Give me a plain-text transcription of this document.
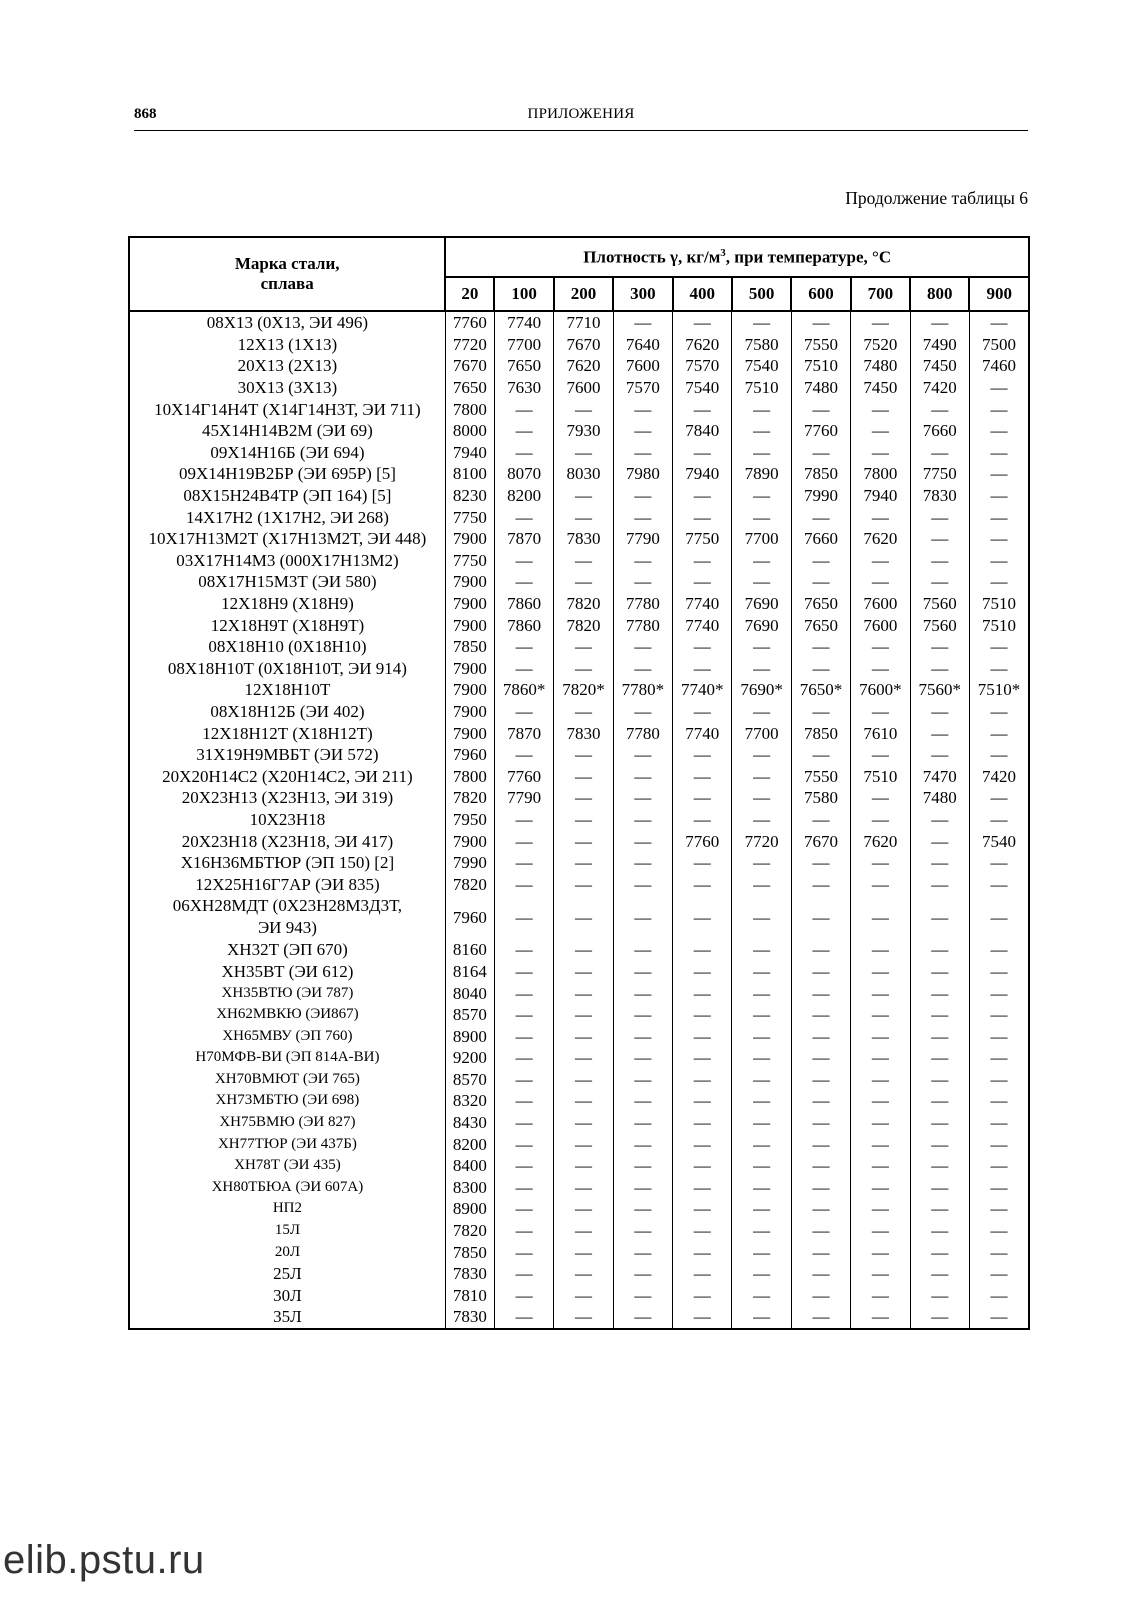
868	ПРИЛОЖЕНИЯ
Продолжение таблицы 6
Марка стали,
сплава	Плотность γ, $кг/м^3$, при температуре, °С									
	20	100	200	300	400	500	600	700	800	900
08Х13 (0Х13, ЭИ 496)	7760	7740	7710	—	—	—	—	—	—	—
12Х13 (1Х13)	7720	7700	7670	7640	7620	7580	7550	7520	7490	7500
20Х13 (2Х13)	7670	7650	7620	7600	7570	7540	7510	7480	7450	7460
30Х13 (3Х13)	7650	7630	7600	7570	7540	7510	7480	7450	7420	—
10Х14Г14Н4Т (Х14Г14Н3Т, ЭИ 711)	7800	—	—	—	—	—	—	—	—	—
45Х14Н14В2М (ЭИ 69)	8000	—	7930	—	7840	—	7760	—	7660	—
09Х14Н16Б (ЭИ 694)	7940	—	—	—	—	—	—	—	—	—
09Х14Н19В2БР (ЭИ 695Р) [5]	8100	8070	8030	7980	7940	7890	7850	7800	7750	—
08Х15Н24В4ТР (ЭП 164) [5]	8230	8200	—	—	—	—	7990	7940	7830	—
14Х17Н2 (1Х17Н2, ЭИ 268)	7750	—	—	—	—	—	—	—	—	—
10Х17Н13М2Т (Х17Н13М2Т, ЭИ 448)	7900	7870	7830	7790	7750	7700	7660	7620	—	—
03Х17Н14М3 (000Х17Н13М2)	7750	—	—	—	—	—	—	—	—	—
08Х17Н15М3Т (ЭИ 580)	7900	—	—	—	—	—	—	—	—	—
12Х18Н9 (Х18Н9)	7900	7860	7820	7780	7740	7690	7650	7600	7560	7510
12Х18Н9Т (Х18Н9Т)	7900	7860	7820	7780	7740	7690	7650	7600	7560	7510
08Х18Н10 (0Х18Н10)	7850	—	—	—	—	—	—	—	—	—
08Х18Н10Т (0Х18Н10Т, ЭИ 914)	7900	—	—	—	—	—	—	—	—	—
12Х18Н10Т	7900	7860*	7820*	7780*	7740*	7690*	7650*	7600*	7560*	7510*
08Х18Н12Б (ЭИ 402)	7900	—	—	—	—	—	—	—	—	—
12Х18Н12Т (Х18Н12Т)	7900	7870	7830	7780	7740	7700	7850	7610	—	—
31Х19Н9МВБТ (ЭИ 572)	7960	—	—	—	—	—	—	—	—	—
20Х20Н14С2 (Х20Н14С2, ЭИ 211)	7800	7760	—	—	—	—	7550	7510	7470	7420
20Х23Н13 (Х23Н13, ЭИ 319)	7820	7790	—	—	—	—	7580	—	7480	—
10Х23Н18	7950	—	—	—	—	—	—	—	—	—
20Х23Н18 (Х23Н18, ЭИ 417)	7900	—	—	—	7760	7720	7670	7620	—	7540
Х16Н36МБТЮР (ЭП 150) [2]	7990	—	—	—	—	—	—	—	—	—
12Х25Н16Г7АР (ЭИ 835)	7820	—	—	—	—	—	—	—	—	—
06ХН28МДТ (0Х23Н28М3Д3Т,
ЭИ 943)	7960	—	—	—	—	—	—	—	—	—
ХН32Т (ЭП 670)	8160	—	—	—	—	—	—	—	—	—
ХН35ВТ (ЭИ 612)	8164	—	—	—	—	—	—	—	—	—
ХН35ВТЮ (ЭИ 787)	8040	—	—	—	—	—	—	—	—	—
ХН62МВКЮ (ЭИ867)	8570	—	—	—	—	—	—	—	—	—
ХН65МВУ (ЭП 760)	8900	—	—	—	—	—	—	—	—	—
Н70МФВ-ВИ (ЭП 814А-ВИ)	9200	—	—	—	—	—	—	—	—	—
ХН70ВМЮТ (ЭИ 765)	8570	—	—	—	—	—	—	—	—	—
ХН73МБТЮ (ЭИ 698)	8320	—	—	—	—	—	—	—	—	—
ХН75ВМЮ (ЭИ 827)	8430	—	—	—	—	—	—	—	—	—
ХН77ТЮР (ЭИ 437Б)	8200	—	—	—	—	—	—	—	—	—
ХН78Т (ЭИ 435)	8400	—	—	—	—	—	—	—	—	—
ХН80ТБЮА (ЭИ 607А)	8300	—	—	—	—	—	—	—	—	—
НП2	8900	—	—	—	—	—	—	—	—	—
15Л	7820	—	—	—	—	—	—	—	—	—
20Л	7850	—	—	—	—	—	—	—	—	—
25Л	7830	—	—	—	—	—	—	—	—	—
30Л	7810	—	—	—	—	—	—	—	—	—
35Л	7830	—	—	—	—	—	—	—	—	—
elib.pstu.ru
